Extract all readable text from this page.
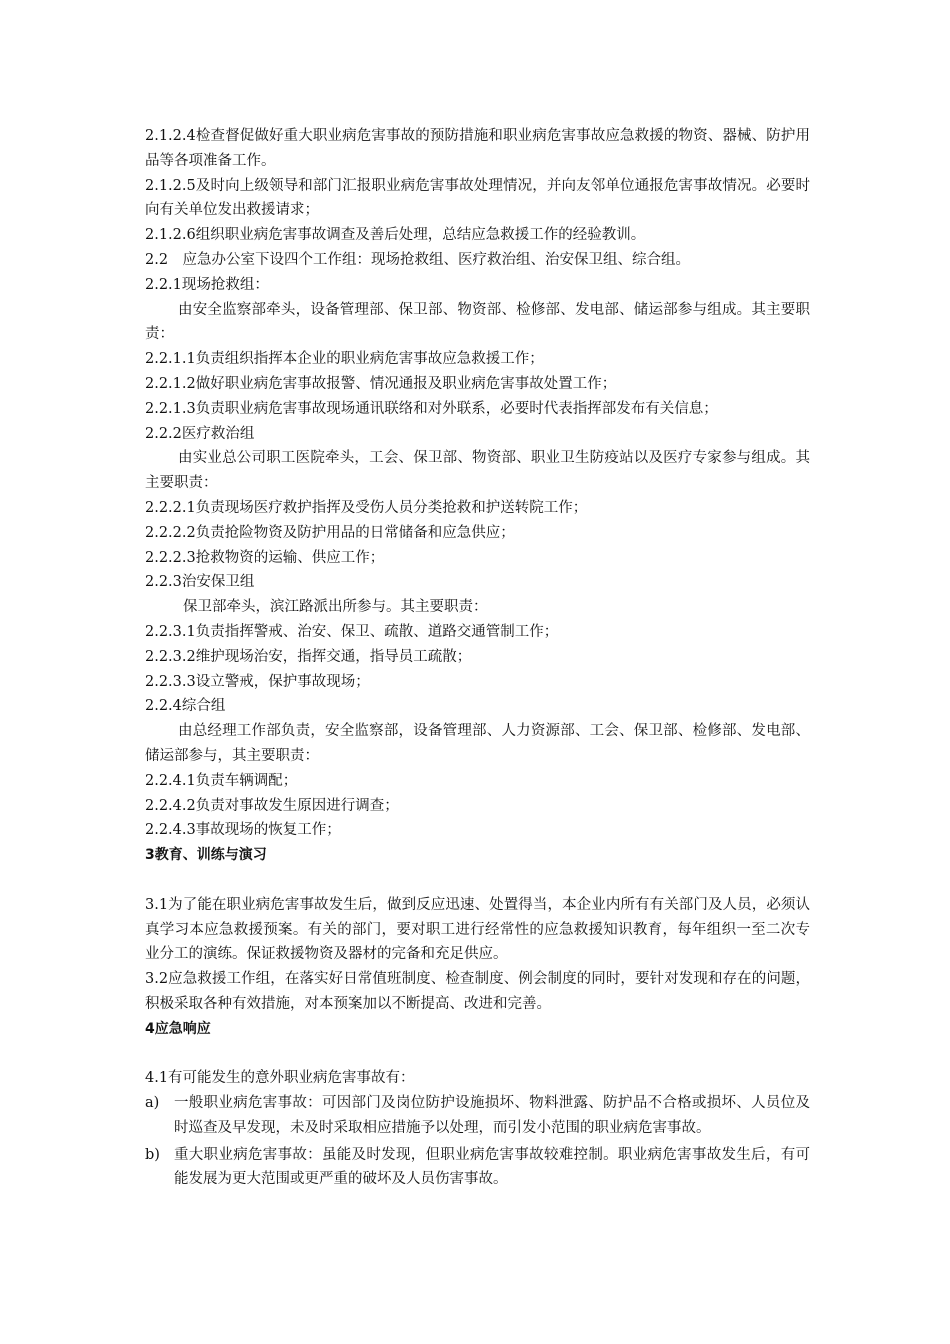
2.1.2.4检查督促做好重大职业病危害事故的预防措施和职业病危害事故应急救援的物资、器械、防护用品等各项准备工作。

2.1.2.5及时向上级领导和部门汇报职业病危害事故处理情况，并向友邻单位通报危害事故情况。必要时向有关单位发出救援请求；

2.1.2.6组织职业病危害事故调查及善后处理，总结应急救援工作的经验教训。

2.2　应急办公室下设四个工作组：现场抢救组、医疗救治组、治安保卫组、综合组。

2.2.1现场抢救组：

由安全监察部牵头，设备管理部、保卫部、物资部、检修部、发电部、储运部参与组成。其主要职责：

2.2.1.1负责组织指挥本企业的职业病危害事故应急救援工作；

2.2.1.2做好职业病危害事故报警、情况通报及职业病危害事故处置工作；

2.2.1.3负责职业病危害事故现场通讯联络和对外联系，必要时代表指挥部发布有关信息；

2.2.2医疗救治组

由实业总公司职工医院牵头，工会、保卫部、物资部、职业卫生防疫站以及医疗专家参与组成。其主要职责：

2.2.2.1负责现场医疗救护指挥及受伤人员分类抢救和护送转院工作；

2.2.2.2负责抢险物资及防护用品的日常储备和应急供应；

2.2.2.3抢救物资的运输、供应工作；

2.2.3治安保卫组

保卫部牵头，滨江路派出所参与。其主要职责：

2.2.3.1负责指挥警戒、治安、保卫、疏散、道路交通管制工作；

2.2.3.2维护现场治安，指挥交通，指导员工疏散；

2.2.3.3设立警戒，保护事故现场；

2.2.4综合组

由总经理工作部负责，安全监察部，设备管理部、人力资源部、工会、保卫部、检修部、发电部、储运部参与，其主要职责：

2.2.4.1负责车辆调配；

2.2.4.2负责对事故发生原因进行调查；

2.2.4.3事故现场的恢复工作；

3教育、训练与演习

3.1为了能在职业病危害事故发生后，做到反应迅速、处置得当，本企业内所有有关部门及人员，必须认真学习本应急救援预案。有关的部门，要对职工进行经常性的应急救援知识教育，每年组织一至二次专业分工的演练。保证救援物资及器材的完备和充足供应。

3.2应急救援工作组，在落实好日常值班制度、检查制度、例会制度的同时，要针对发现和存在的问题，积极采取各种有效措施，对本预案加以不断提高、改进和完善。

4应急响应

4.1有可能发生的意外职业病危害事故有：

a) 一般职业病危害事故：可因部门及岗位防护设施损坏、物料泄露、防护品不合格或损坏、人员位及时巡查及早发现，未及时采取相应措施予以处理，而引发小范围的职业病危害事故。
b) 重大职业病危害事故：虽能及时发现，但职业病危害事故较难控制。职业病危害事故发生后，有可能发展为更大范围或更严重的破坏及人员伤害事故。
